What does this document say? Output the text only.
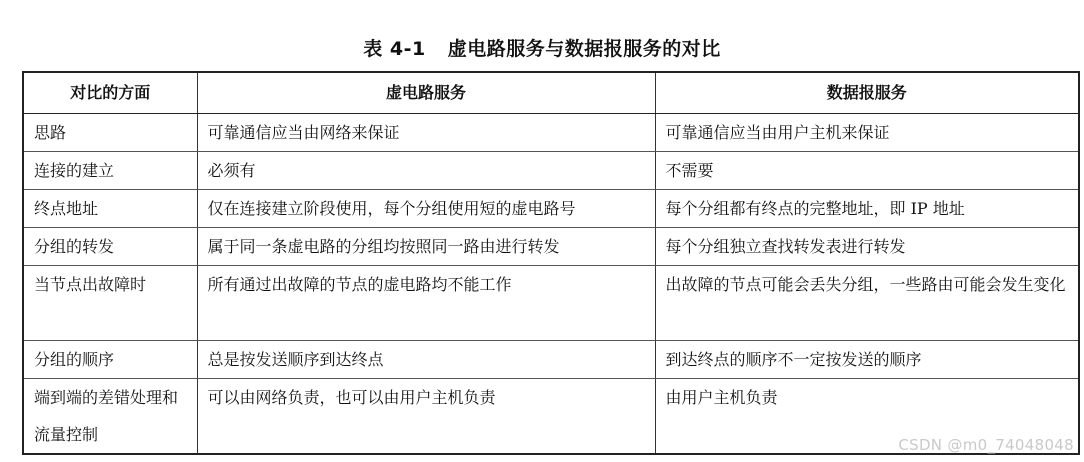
表 4-1 虚电路服务与数据报服务的对比
对比的方面	虚电路服务	数据报服务
思路	可靠通信应当由网络来保证	可靠通信应当由用户主机来保证
连接的建立	必须有	不需要
终点地址	仅在连接建立阶段使用，每个分组使用短的虚电路号	每个分组都有终点的完整地址，即 IP 地址
分组的转发	属于同一条虚电路的分组均按照同一路由进行转发	每个分组独立查找转发表进行转发
当节点出故障时	所有通过出故障的节点的虚电路均不能工作	出故障的节点可能会丢失分组，一些路由可能会发生变化
分组的顺序	总是按发送顺序到达终点	到达终点的顺序不一定按发送的顺序
端到端的差错处理和流量控制	可以由网络负责，也可以由用户主机负责	由用户主机负责
CSDN @m0_74048048
